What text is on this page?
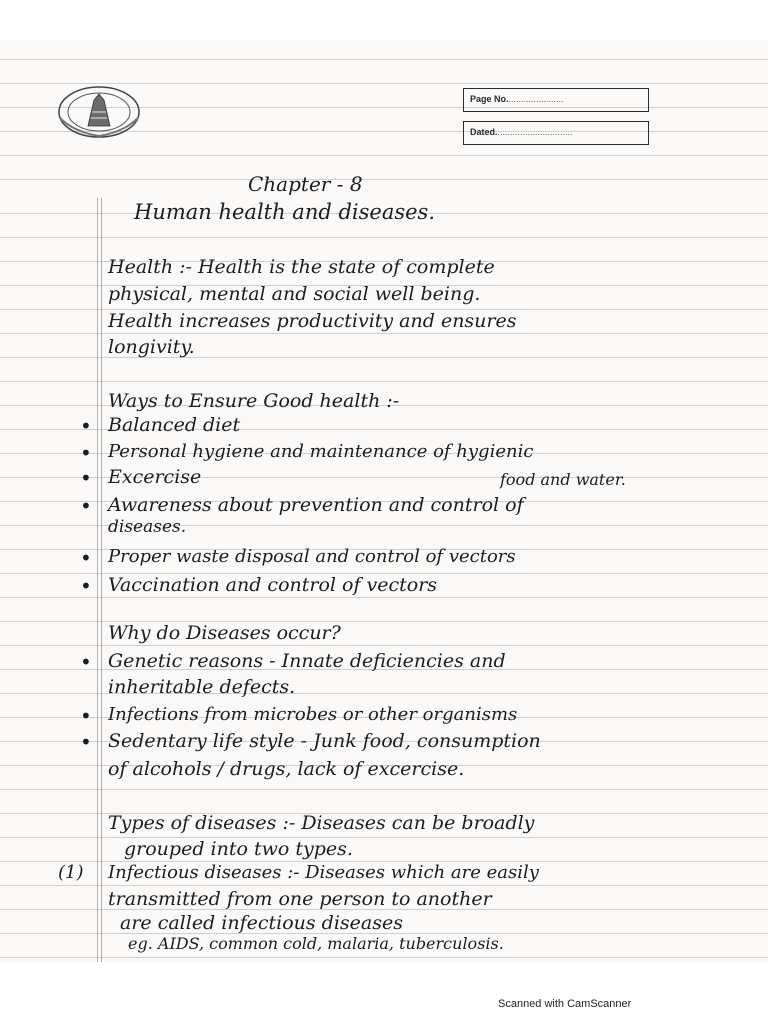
Page No.......................
Dated...............................
Chapter - 8
Human health and diseases.
Health :- Health is the state of complete
physical, mental and social well being.
Health increases productivity and ensures
longivity.
Ways to Ensure Good health :-
• Balanced diet
• Personal hygiene and maintenance of hygienic
• Excercise	food and water.
• Awareness about prevention and control of
diseases.
• Proper waste disposal and control of vectors
• Vaccination and control of vectors
Why do Diseases occur?
• Genetic reasons - Innate deficiencies and
inheritable defects.
• Infections from microbes or other organisms
• Sedentary life style - Junk food, consumption
of alcohols / drugs, lack of excercise.
Types of diseases :- Diseases can be broadly
grouped into two types.
(1) Infectious diseases :- Diseases which are easily
transmitted from one person to another
are called infectious diseases
eg. AIDS, common cold, malaria, tuberculosis.
Scanned with CamScanner
